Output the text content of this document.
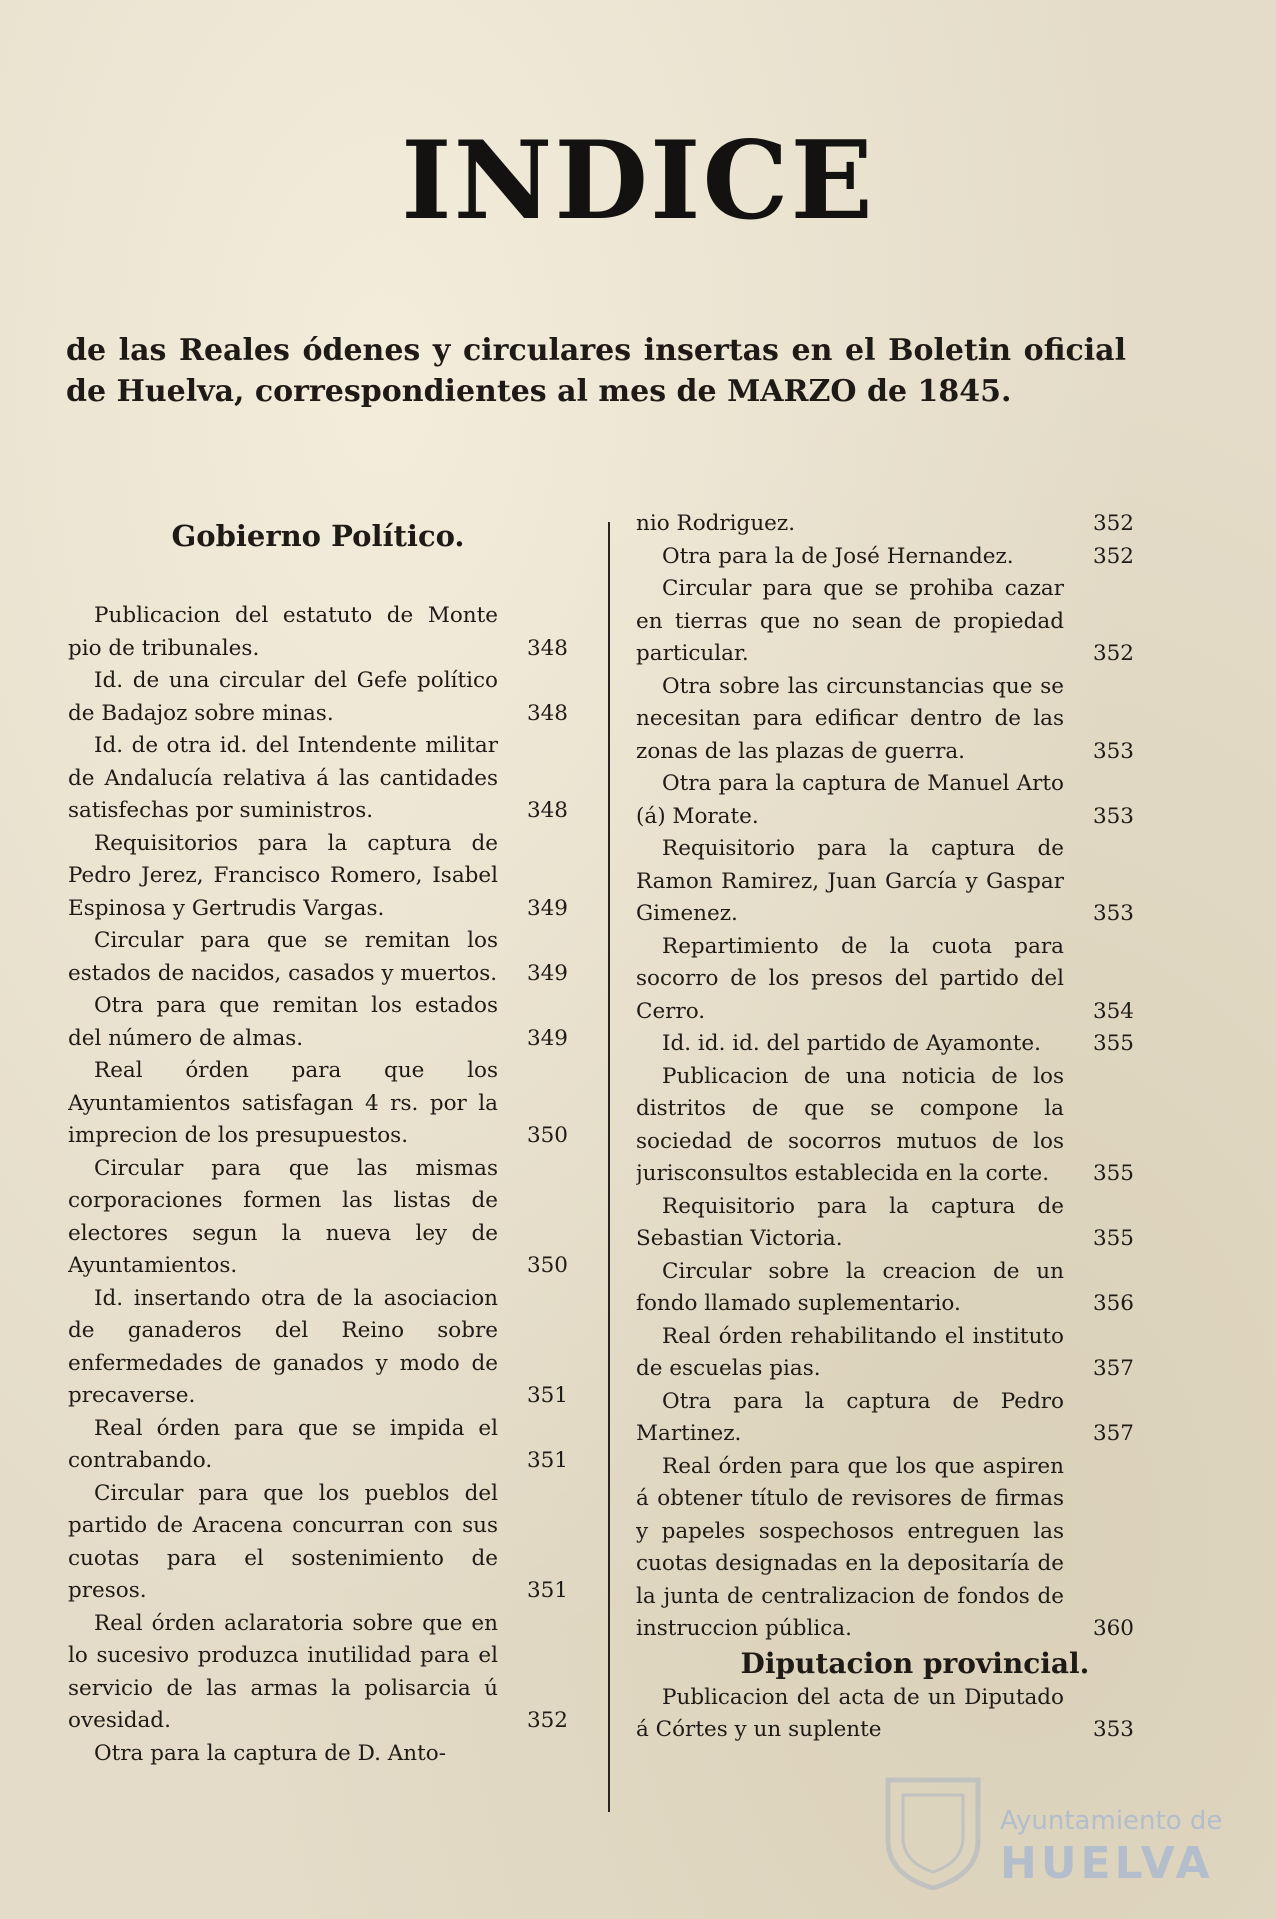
INDICE

de las Reales ódenes y circulares insertas en el Boletin oficial de Huelva, correspondientes al mes de MARZO de 1845.

Gobierno Político.
Publicacion del estatuto de Monte pio de tribunales.	348
Id. de una circular del Gefe político de Badajoz sobre minas.	348
Id. de otra id. del Intendente militar de Andalucía relativa á las cantidades satisfechas por suministros.	348
Requisitorios para la captura de Pedro Jerez, Francisco Romero, Isabel Espinosa y Gertrudis Vargas.	349
Circular para que se remitan los estados de nacidos, casados y muertos.	349
Otra para que remitan los estados del número de almas.	349
Real órden para que los Ayuntamientos satisfagan 4 rs. por la imprecion de los presupuestos.	350
Circular para que las mismas corporaciones formen las listas de electores segun la nueva ley de Ayuntamientos.	350
Id. insertando otra de la asociacion de ganaderos del Reino sobre enfermedades de ganados y modo de precaverse.	351
Real órden para que se impida el contrabando.	351
Circular para que los pueblos del partido de Aracena concurran con sus cuotas para el sostenimiento de presos.	351
Real órden aclaratoria sobre que en lo sucesivo produzca inutilidad para el servicio de las armas la polisarcia ú ovesidad.	352
Otra para la captura de D. Anto-
nio Rodriguez.	352
Otra para la de José Hernandez.	352
Circular para que se prohiba cazar en tierras que no sean de propiedad particular.	352
Otra sobre las circunstancias que se necesitan para edificar dentro de las zonas de las plazas de guerra.	353
Otra para la captura de Manuel Arto (á) Morate.	353
Requisitorio para la captura de Ramon Ramirez, Juan García y Gaspar Gimenez.	353
Repartimiento de la cuota para socorro de los presos del partido del Cerro.	354
Id. id. id. del partido de Ayamonte.	355
Publicacion de una noticia de los distritos de que se compone la sociedad de socorros mutuos de los jurisconsultos establecida en la corte.	355
Requisitorio para la captura de Sebastian Victoria.	355
Circular sobre la creacion de un fondo llamado suplementario.	356
Real órden rehabilitando el instituto de escuelas pias.	357
Otra para la captura de Pedro Martinez.	357
Real órden para que los que aspiren á obtener título de revisores de firmas y papeles sospechosos entreguen las cuotas designadas en la depositaría de la junta de centralizacion de fondos de instruccion pública.	360
Diputacion provincial.
Publicacion del acta de un Diputado á Córtes y un suplente	353

Ayuntamiento de

HUELVA
